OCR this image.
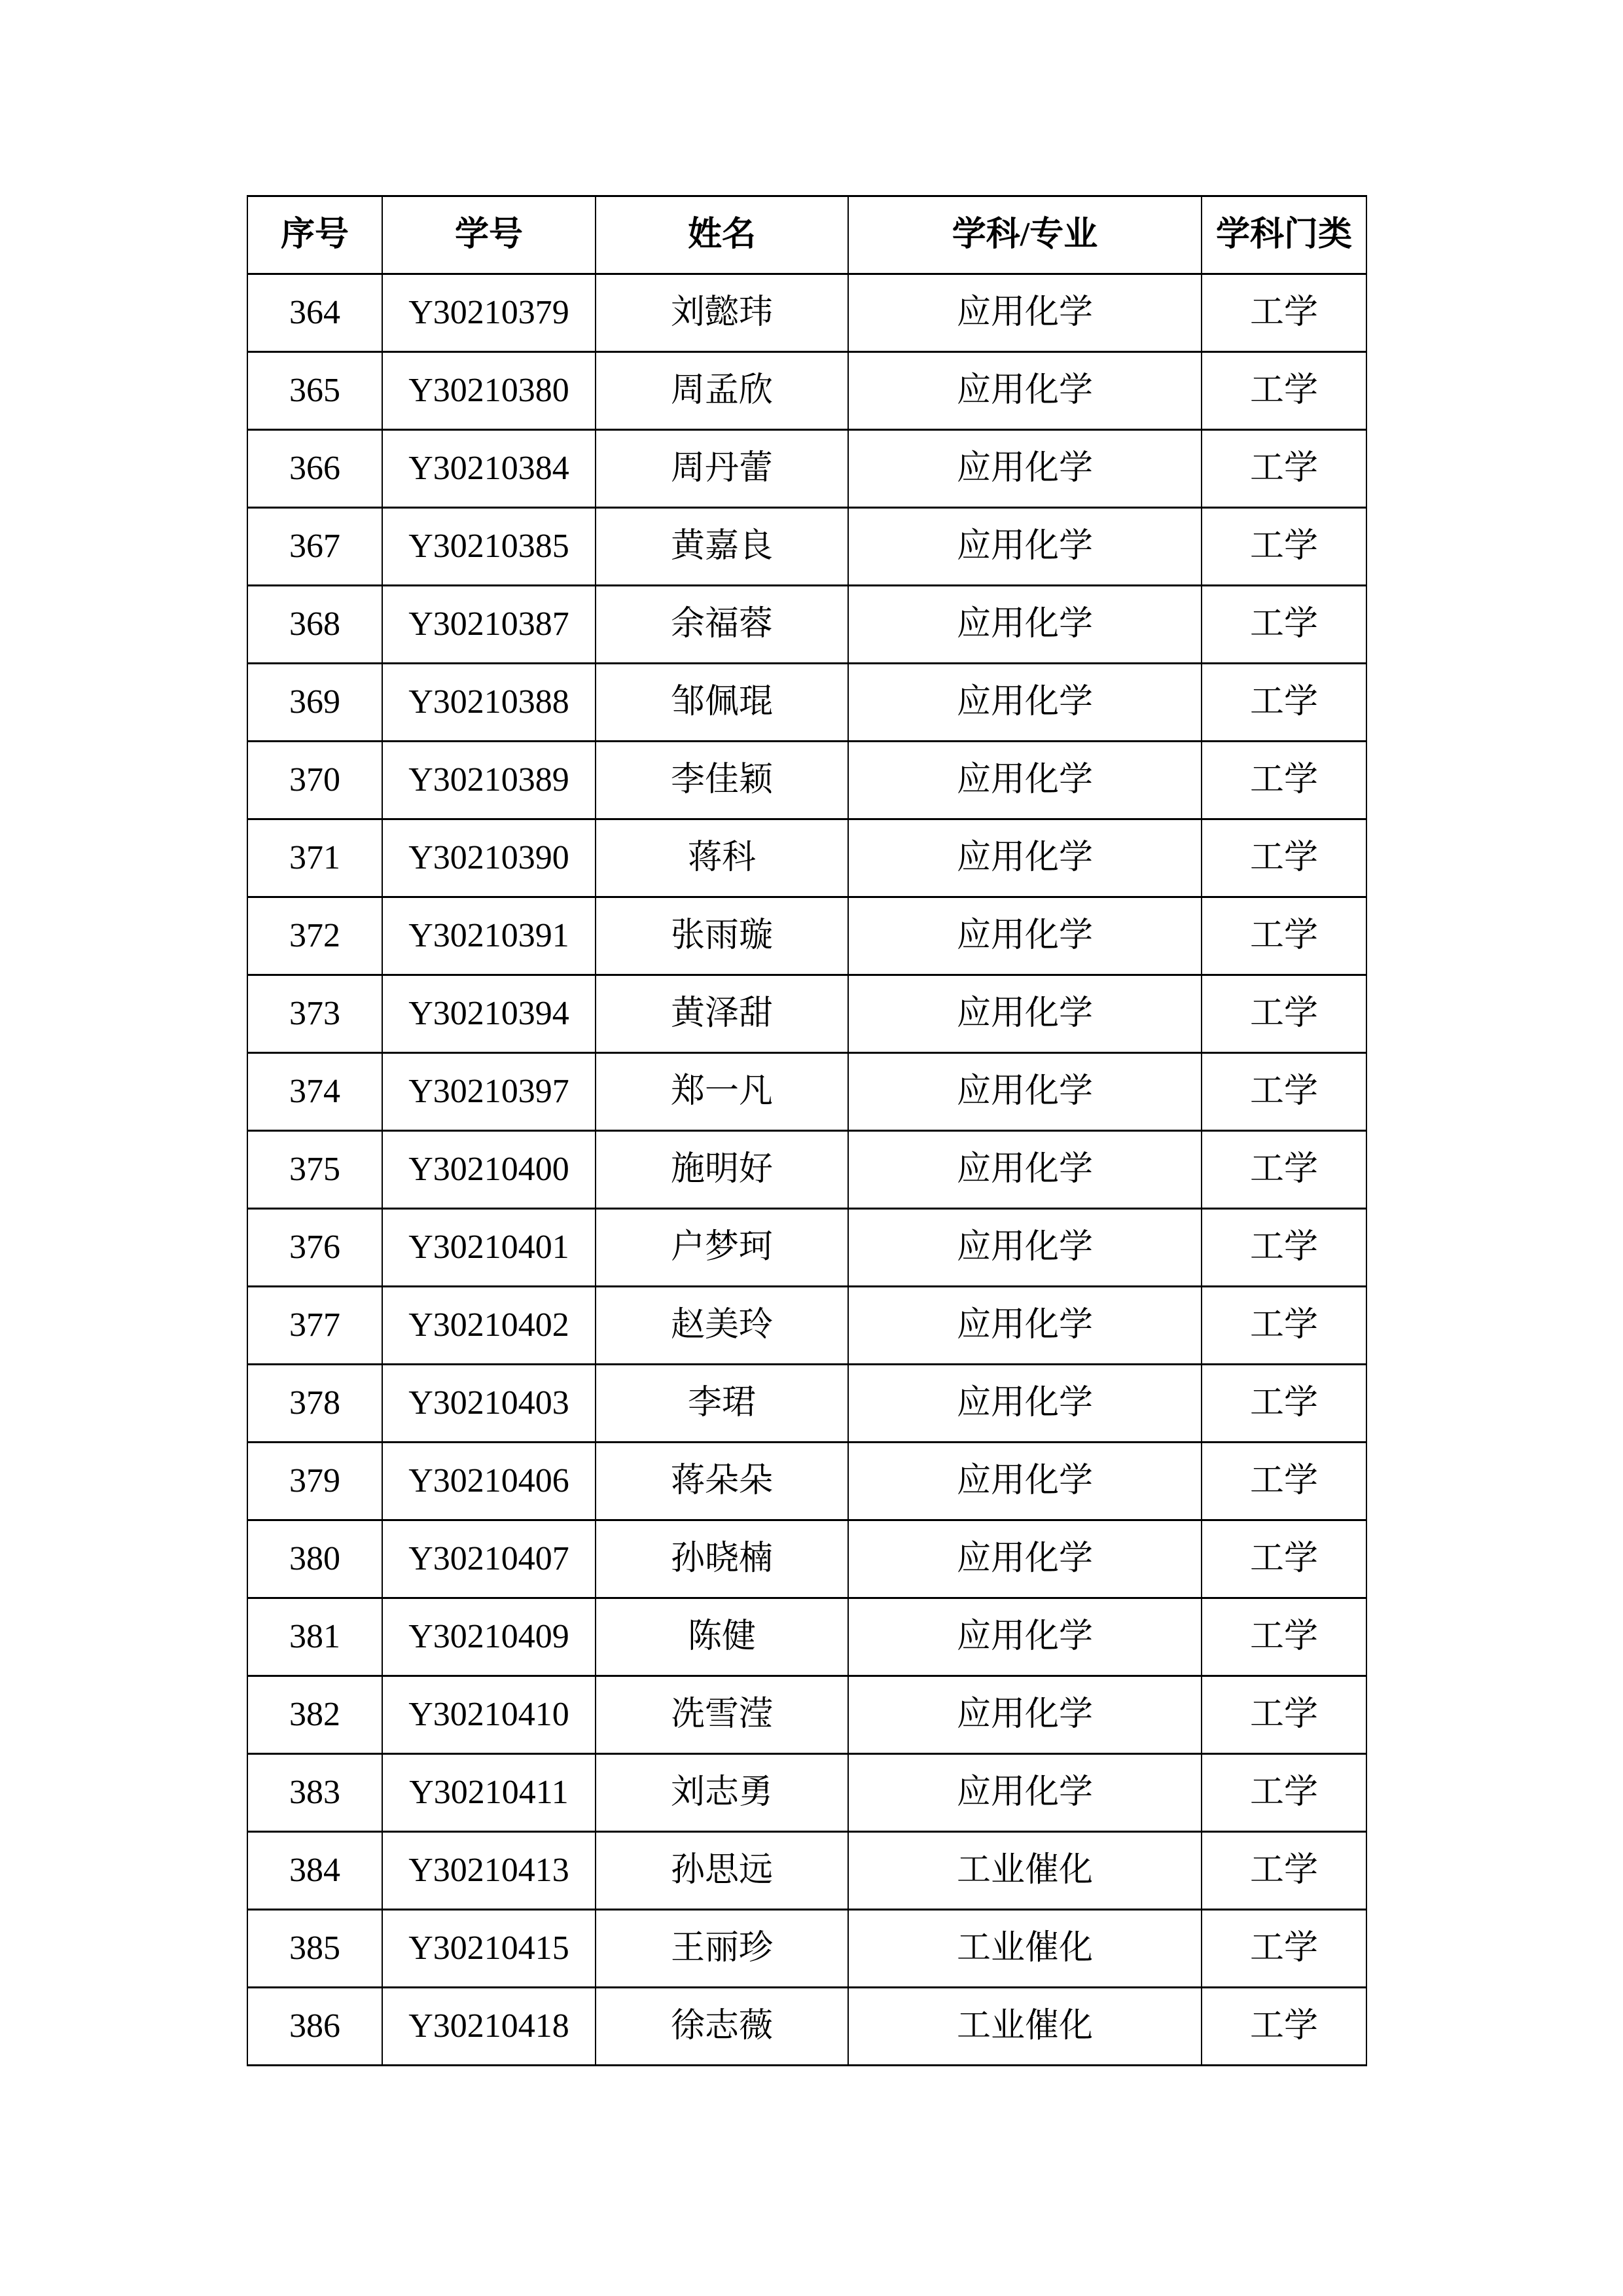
序号	学号	姓名	学科/专业	学科门类
364	Y30210379	刘懿玮	应用化学	工学
365	Y30210380	周孟欣	应用化学	工学
366	Y30210384	周丹蕾	应用化学	工学
367	Y30210385	黄嘉良	应用化学	工学
368	Y30210387	余福蓉	应用化学	工学
369	Y30210388	邹佩琨	应用化学	工学
370	Y30210389	李佳颖	应用化学	工学
371	Y30210390	蒋科	应用化学	工学
372	Y30210391	张雨璇	应用化学	工学
373	Y30210394	黄泽甜	应用化学	工学
374	Y30210397	郑一凡	应用化学	工学
375	Y30210400	施明好	应用化学	工学
376	Y30210401	户梦珂	应用化学	工学
377	Y30210402	赵美玲	应用化学	工学
378	Y30210403	李珺	应用化学	工学
379	Y30210406	蒋朵朵	应用化学	工学
380	Y30210407	孙晓楠	应用化学	工学
381	Y30210409	陈健	应用化学	工学
382	Y30210410	冼雪滢	应用化学	工学
383	Y30210411	刘志勇	应用化学	工学
384	Y30210413	孙思远	工业催化	工学
385	Y30210415	王丽珍	工业催化	工学
386	Y30210418	徐志薇	工业催化	工学
